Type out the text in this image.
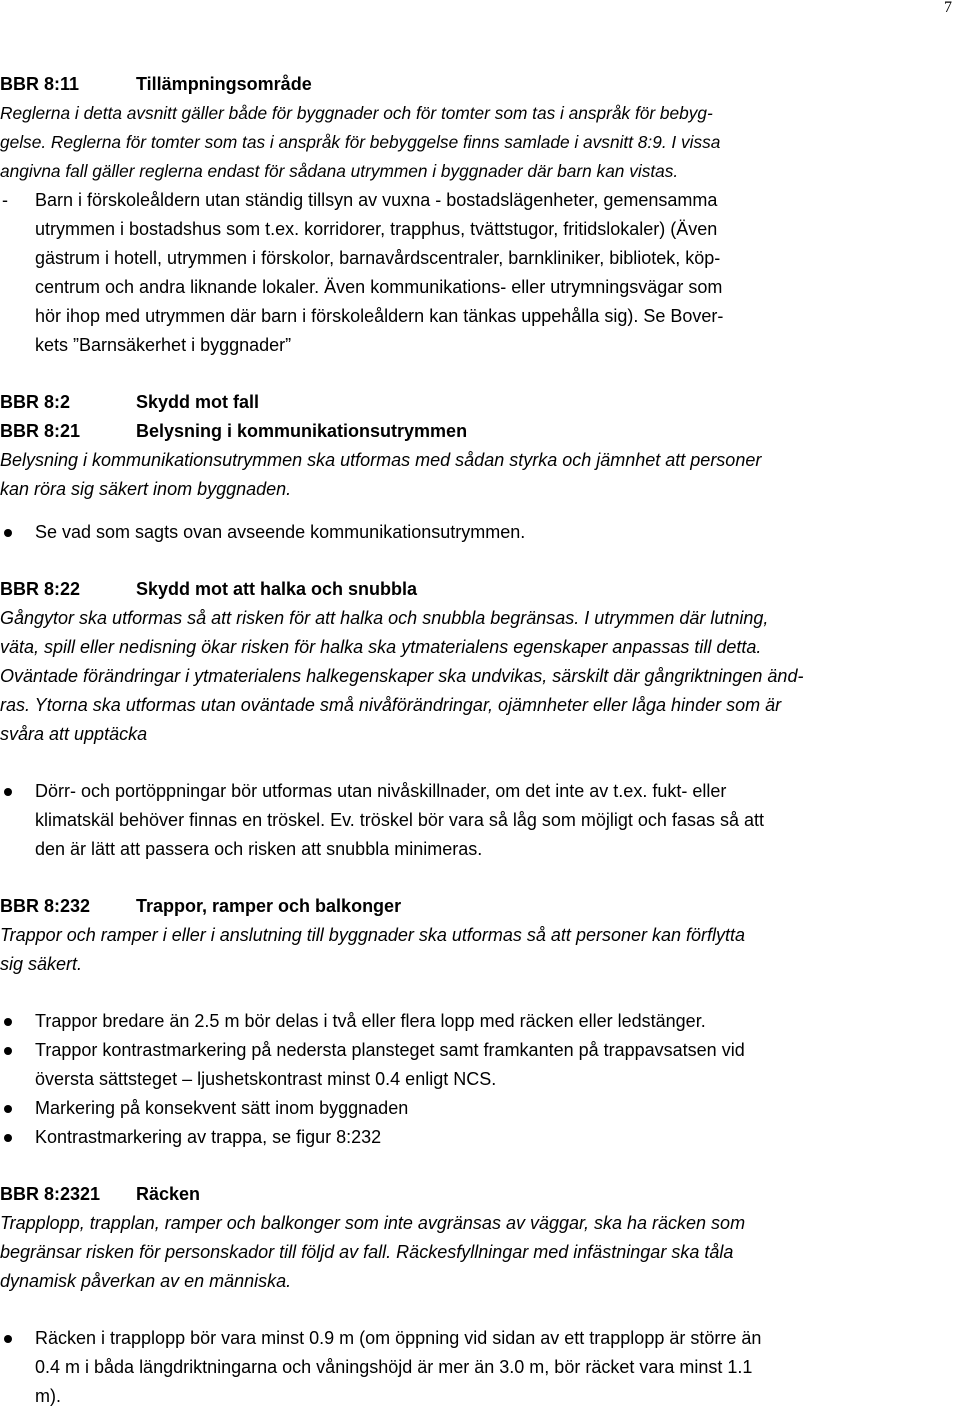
7
BBR 8:11	Tillämpningsområde
Reglerna i detta avsnitt gäller både för byggnader och för tomter som tas i anspråk för bebyg-
gelse. Reglerna för tomter som tas i anspråk för bebyggelse finns samlade i avsnitt 8:9. I vissa
angivna fall gäller reglerna endast för sådana utrymmen i byggnader där barn kan vistas.
- Barn i förskoleåldern utan ständig tillsyn av vuxna - bostadslägenheter, gemensamma
utrymmen i bostadshus som t.ex. korridorer, trapphus, tvättstugor, fritidslokaler) (Även
gästrum i hotell, utrymmen i förskolor, barnavårdscentraler, barnkliniker, bibliotek, köp-
centrum och andra liknande lokaler. Även kommunikations- eller utrymningsvägar som
hör ihop med utrymmen där barn i förskoleåldern kan tänkas uppehålla sig). Se Bover-
kets ”Barnsäkerhet i byggnader”
BBR 8:2	Skydd mot fall
BBR 8:21	Belysning i kommunikationsutrymmen
Belysning i kommunikationsutrymmen ska utformas med sådan styrka och jämnhet att personer
kan röra sig säkert inom byggnaden.
Se vad som sagts ovan avseende kommunikationsutrymmen.
BBR 8:22	Skydd mot att halka och snubbla
Gångytor ska utformas så att risken för att halka och snubbla begränsas. I utrymmen där lutning,
väta, spill eller nedisning ökar risken för halka ska ytmaterialens egenskaper anpassas till detta.
Oväntade förändringar i ytmaterialens halkegenskaper ska undvikas, särskilt där gångriktningen änd-
ras. Ytorna ska utformas utan oväntade små nivåförändringar, ojämnheter eller låga hinder som är
svåra att upptäcka
Dörr- och portöppningar bör utformas utan nivåskillnader, om det inte av t.ex. fukt- eller
klimatskäl behöver finnas en tröskel. Ev. tröskel bör vara så låg som möjligt och fasas så att
den är lätt att passera och risken att snubbla minimeras.
BBR 8:232	Trappor, ramper och balkonger
Trappor och ramper i eller i anslutning till byggnader ska utformas så att personer kan förflytta
sig säkert.
Trappor bredare än 2.5 m bör delas i två eller flera lopp med räcken eller ledstänger.
Trappor kontrastmarkering på nedersta plansteget samt framkanten på trappavsatsen vid
översta sättsteget – ljushetskontrast minst 0.4 enligt NCS.
Markering på konsekvent sätt inom byggnaden
Kontrastmarkering av trappa, se figur 8:232
BBR 8:2321 Räcken
Trapplopp, trapplan, ramper och balkonger som inte avgränsas av väggar, ska ha räcken som
begränsar risken för personskador till följd av fall. Räckesfyllningar med infästningar ska tåla
dynamisk påverkan av en människa.
Räcken i trapplopp bör vara minst 0.9 m (om öppning vid sidan av ett trapplopp är större än
0.4 m i båda längdriktningarna och våningshöjd är mer än 3.0 m, bör räcket vara minst 1.1
m).
